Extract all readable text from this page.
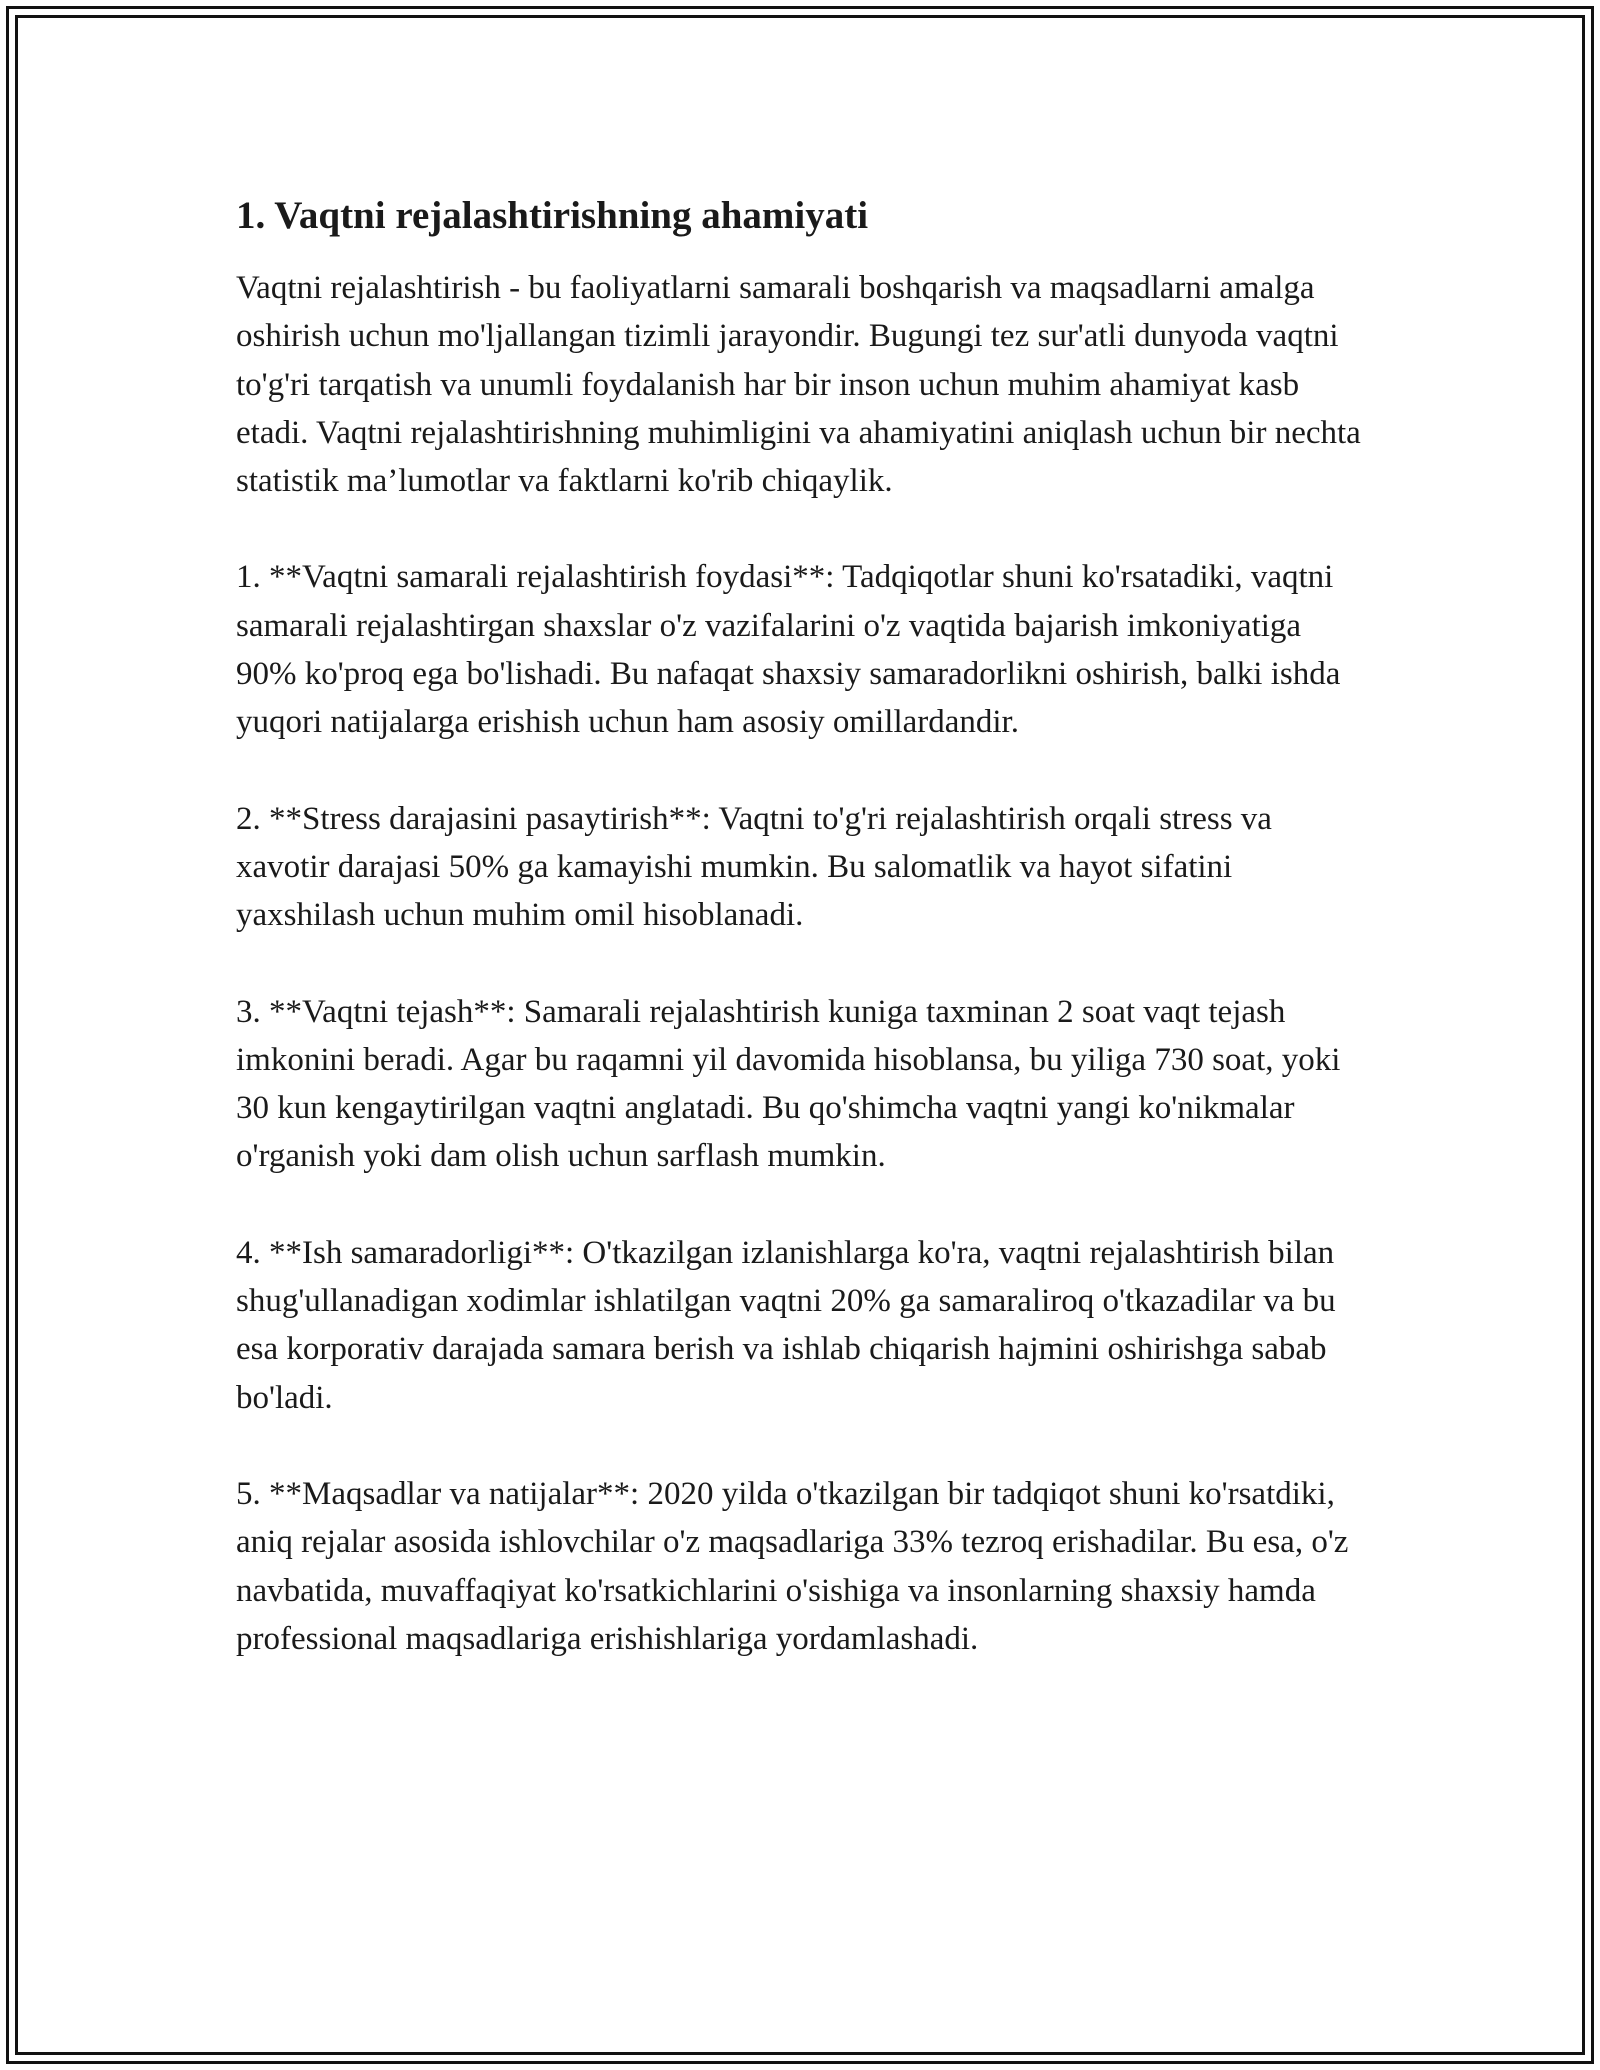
1. Vaqtni rejalashtirishning ahamiyati

Vaqtni rejalashtirish - bu faoliyatlarni samarali boshqarish va maqsadlarni amalga oshirish uchun mo'ljallangan tizimli jarayondir. Bugungi tez sur'atli dunyoda vaqtni to'g'ri tarqatish va unumli foydalanish har bir inson uchun muhim ahamiyat kasb etadi. Vaqtni rejalashtirishning muhimligini va ahamiyatini aniqlash uchun bir nechta statistik ma’lumotlar va faktlarni ko'rib chiqaylik.

1. **Vaqtni samarali rejalashtirish foydasi**: Tadqiqotlar shuni ko'rsatadiki, vaqtni samarali rejalashtirgan shaxslar o'z vazifalarini o'z vaqtida bajarish imkoniyatiga 90% ko'proq ega bo'lishadi. Bu nafaqat shaxsiy samaradorlikni oshirish, balki ishda yuqori natijalarga erishish uchun ham asosiy omillardandir.

2. **Stress darajasini pasaytirish**: Vaqtni to'g'ri rejalashtirish orqali stress va xavotir darajasi 50% ga kamayishi mumkin. Bu salomatlik va hayot sifatini yaxshilash uchun muhim omil hisoblanadi.

3. **Vaqtni tejash**: Samarali rejalashtirish kuniga taxminan 2 soat vaqt tejash imkonini beradi. Agar bu raqamni yil davomida hisoblansa, bu yiliga 730 soat, yoki 30 kun kengaytirilgan vaqtni anglatadi. Bu qo'shimcha vaqtni yangi ko'nikmalar o'rganish yoki dam olish uchun sarflash mumkin.

4. **Ish samaradorligi**: O'tkazilgan izlanishlarga ko'ra, vaqtni rejalashtirish bilan shug'ullanadigan xodimlar ishlatilgan vaqtni 20% ga samaraliroq o'tkazadilar va bu esa korporativ darajada samara berish va ishlab chiqarish hajmini oshirishga sabab bo'ladi.

5. **Maqsadlar va natijalar**: 2020 yilda o'tkazilgan bir tadqiqot shuni ko'rsatdiki, aniq rejalar asosida ishlovchilar o'z maqsadlariga 33% tezroq erishadilar. Bu esa, o'z navbatida, muvaffaqiyat ko'rsatkichlarini o'sishiga va insonlarning shaxsiy hamda professional maqsadlariga erishishlariga yordamlashadi.
